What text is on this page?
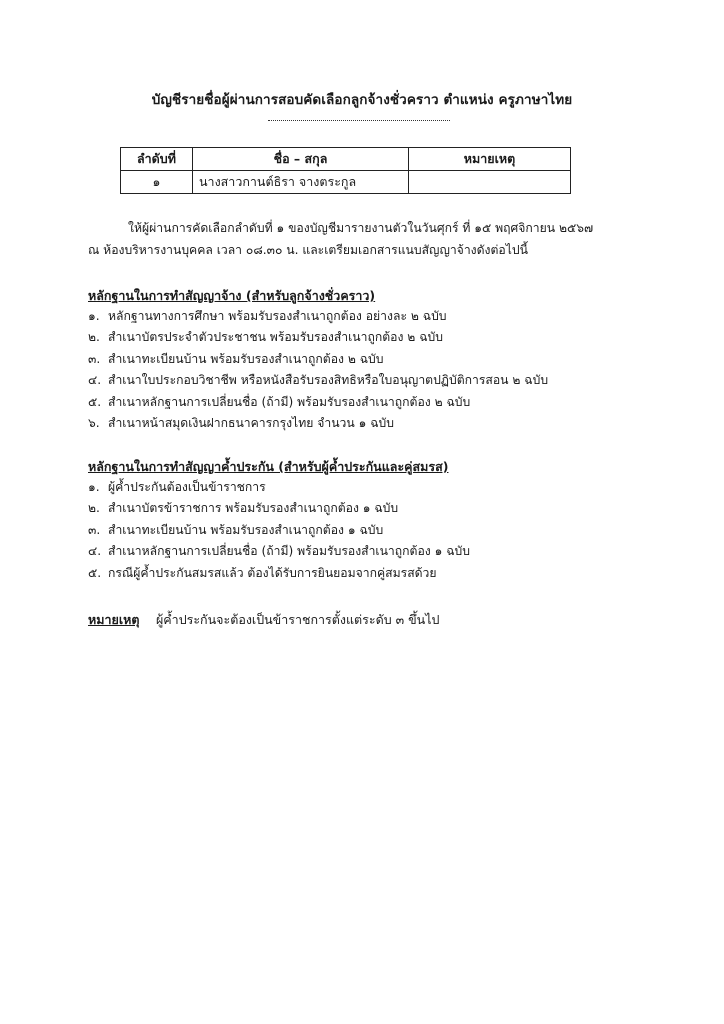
บัญชีรายชื่อผู้ผ่านการสอบคัดเลือกลูกจ้างชั่วคราว ตำแหน่ง ครูภาษาไทย
ลำดับที่	ชื่อ – สกุล	หมายเหตุ
๑	นางสาวกานต์ธิรา จางตระกูล	
ให้ผู้ผ่านการคัดเลือกลำดับที่ ๑ ของบัญชีมารายงานตัวในวันศุกร์ ที่ ๑๕ พฤศจิกายน ๒๕๖๗
ณ ห้องบริหารงานบุคคล เวลา ๐๘.๓๐ น. และเตรียมเอกสารแนบสัญญาจ้างดังต่อไปนี้
หลักฐานในการทำสัญญาจ้าง (สำหรับลูกจ้างชั่วคราว)
๑. หลักฐานทางการศึกษา พร้อมรับรองสำเนาถูกต้อง อย่างละ ๒ ฉบับ
๒. สำเนาบัตรประจำตัวประชาชน พร้อมรับรองสำเนาถูกต้อง ๒ ฉบับ
๓. สำเนาทะเบียนบ้าน พร้อมรับรองสำเนาถูกต้อง ๒ ฉบับ
๔. สำเนาใบประกอบวิชาชีพ หรือหนังสือรับรองสิทธิหรือใบอนุญาตปฏิบัติการสอน ๒ ฉบับ
๕. สำเนาหลักฐานการเปลี่ยนชื่อ (ถ้ามี) พร้อมรับรองสำเนาถูกต้อง ๒ ฉบับ
๖. สำเนาหน้าสมุดเงินฝากธนาคารกรุงไทย จำนวน ๑ ฉบับ
หลักฐานในการทำสัญญาค้ำประกัน (สำหรับผู้ค้ำประกันและคู่สมรส)
๑. ผู้ค้ำประกันต้องเป็นข้าราชการ
๒. สำเนาบัตรข้าราชการ พร้อมรับรองสำเนาถูกต้อง ๑ ฉบับ
๓. สำเนาทะเบียนบ้าน พร้อมรับรองสำเนาถูกต้อง ๑ ฉบับ
๔. สำเนาหลักฐานการเปลี่ยนชื่อ (ถ้ามี) พร้อมรับรองสำเนาถูกต้อง ๑ ฉบับ
๕. กรณีผู้ค้ำประกันสมรสแล้ว ต้องได้รับการยินยอมจากคู่สมรสด้วย
หมายเหตุ ผู้ค้ำประกันจะต้องเป็นข้าราชการตั้งแต่ระดับ ๓ ขึ้นไป
